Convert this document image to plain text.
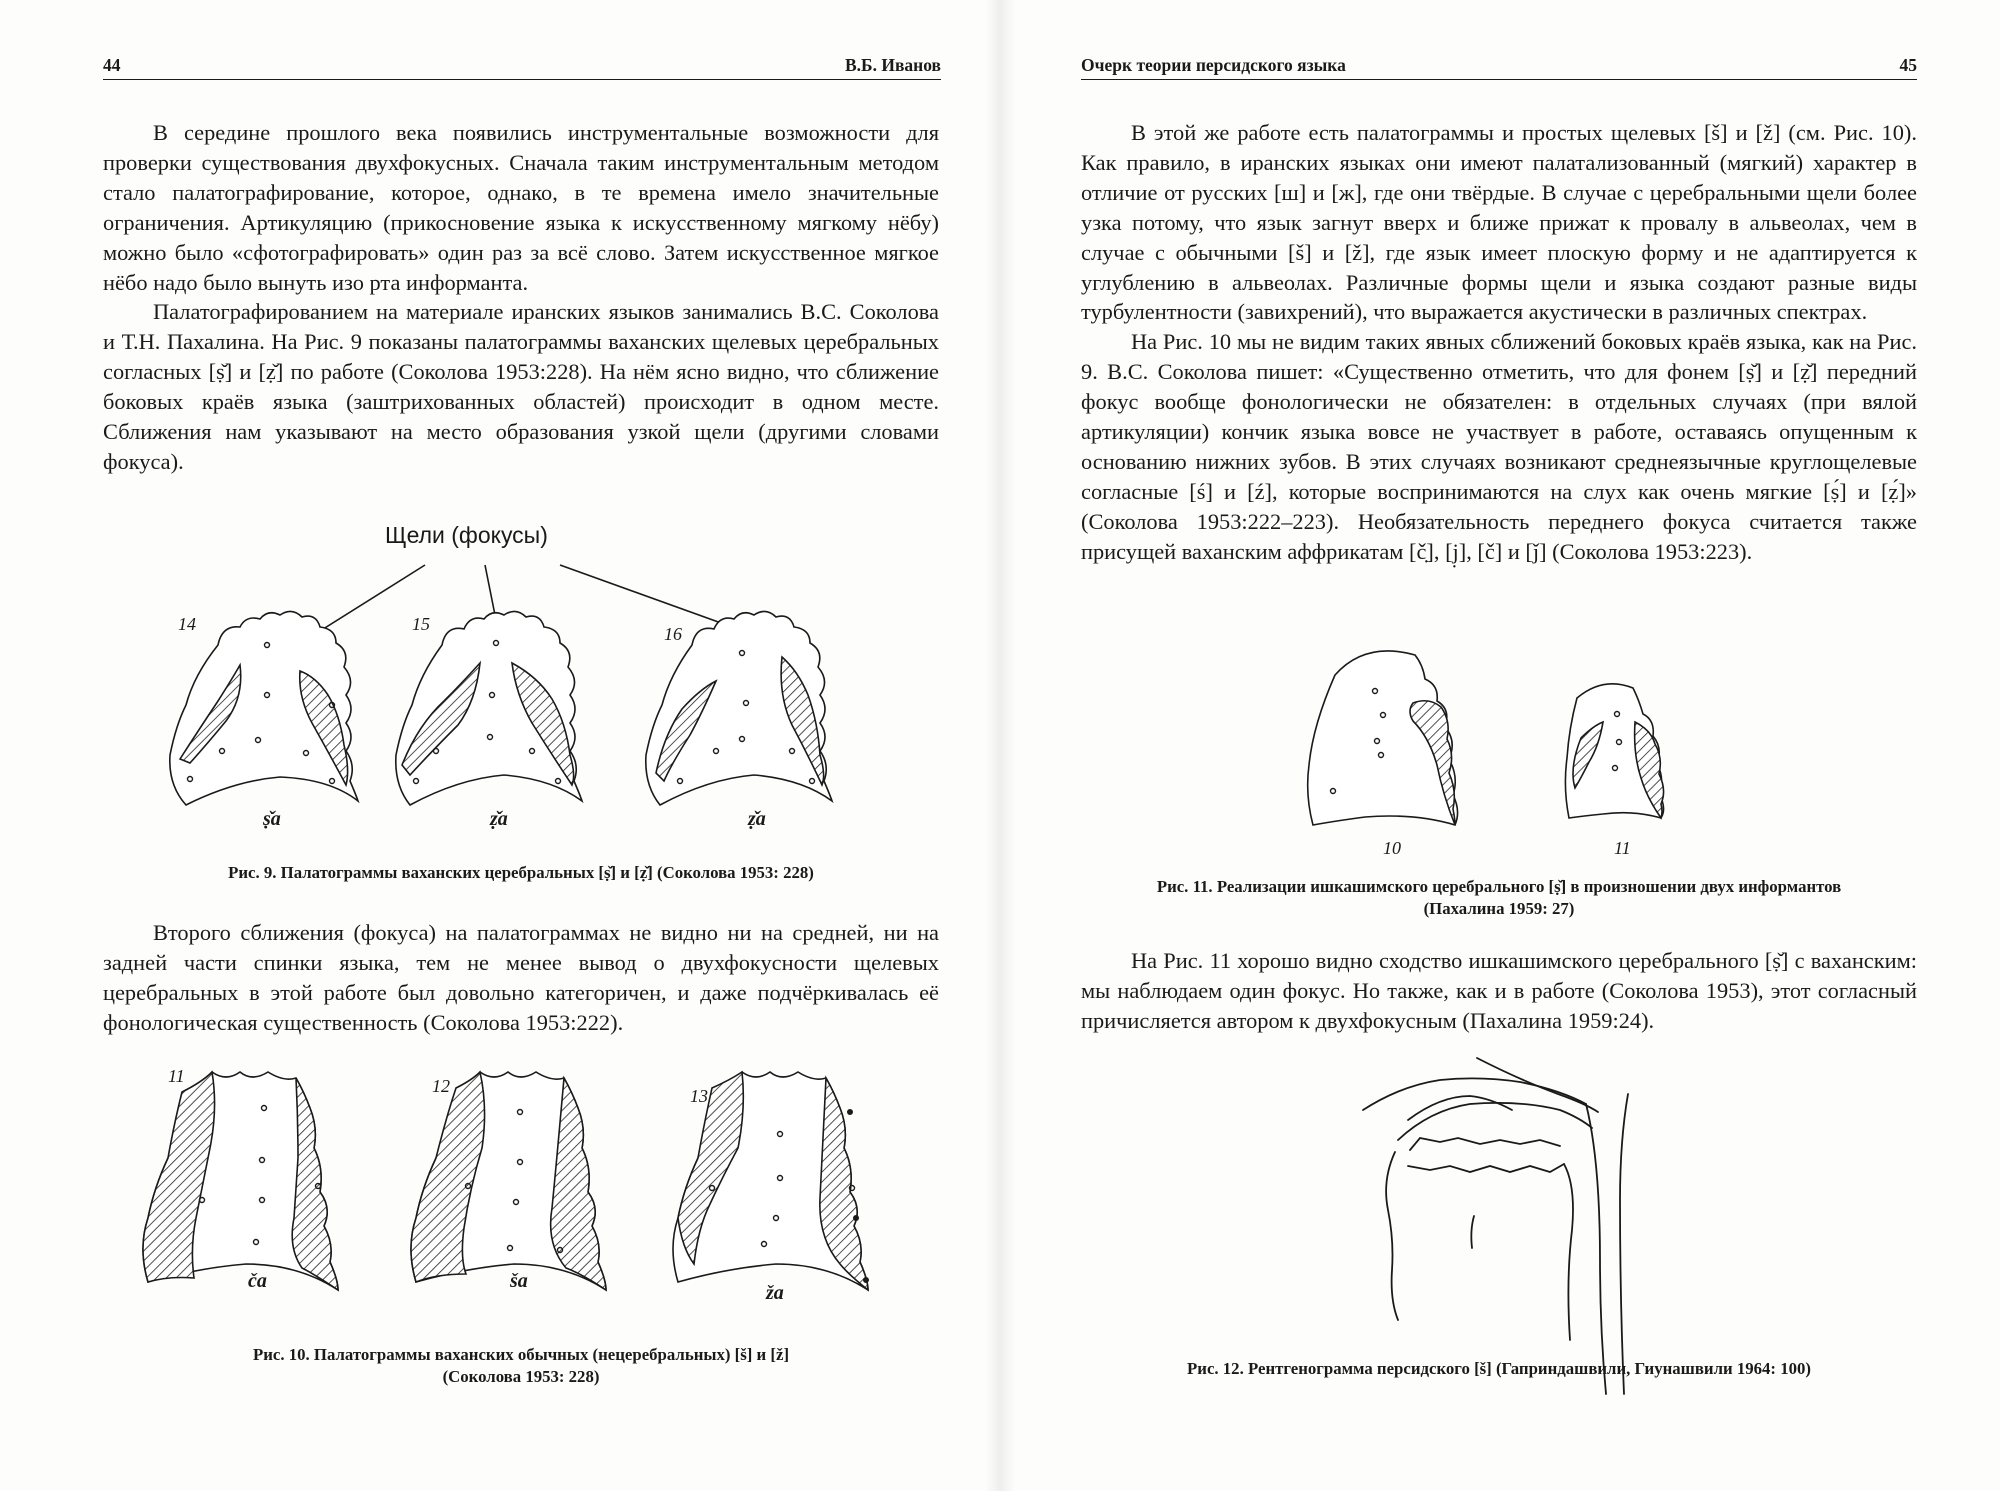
44	В.Б. Иванов

В середине прошлого века появились инструментальные возможности для проверки существования двухфокусных. Сначала таким инструментальным методом стало палатографирование, которое, однако, в те времена имело значительные ограничения. Артикуляцию (прикосновение языка к искусственному мягкому нёбу) можно было «сфотографировать» один раз за всё слово. Затем искусственное мягкое нёбо надо было вынуть изо рта информанта.

Палатографированием на материале иранских языков занимались В.С. Соколова и Т.Н. Пахалина. На Рис. 9 показаны палатограммы ваханских щелевых церебральных согласных [ṣ̌] и [ẓ̌] по работе (Соколова 1953:228). На нём ясно видно, что сближение боковых краёв языка (заштрихованных областей) происходит в одном месте. Сближения нам указывают на место образования узкой щели (другими словами фокуса).

Щели (фокусы)
14	15	16
ṣ̌a	ẓ̌a	ẓ̌a
Рис. 9. Палатограммы ваханских церебральных [ṣ̌] и [ẓ̌] (Соколова 1953: 228)

Второго сближения (фокуса) на палатограммах не видно ни на средней, ни на задней части спинки языка, тем не менее вывод о двухфокусности щелевых церебральных в этой работе был довольно категоричен, и даже подчёркивалась её фонологическая существенность (Соколова 1953:222).

11	12	13
ča	ša
ža
Рис. 10. Палатограммы ваханских обычных (нецеребральных) [š] и [ž]
(Соколова 1953: 228)
Очерк теории персидского языка	45

В этой же работе есть палатограммы и простых щелевых [š] и [ž] (см. Рис. 10). Как правило, в иранских языках они имеют палатализованный (мягкий) характер в отличие от русских [ш] и [ж], где они твёрдые. В случае с церебральными щели более узка потому, что язык загнут вверх и ближе прижат к провалу в альвеолах, чем в случае с обычными [š] и [ž], где язык имеет плоскую форму и не адаптируется к углублению в альвеолах. Различные формы щели и языка создают разные виды турбулентности (завихрений), что выражается акустически в различных спектрах.

На Рис. 10 мы не видим таких явных сближений боковых краёв языка, как на Рис. 9. В.С. Соколова пишет: «Существенно отметить, что для фонем [ṣ̌] и [ẓ̌] передний фокус вообще фонологически не обязателен: в отдельных случаях (при вялой артикуляции) кончик языка вовсе не участвует в работе, оставаясь опущенным к основанию нижних зубов. В этих случаях возникают среднеязычные круглощелевые согласные [ś] и [ź], которые воспринимаются на слух как очень мягкие [ṣ́] и [ẓ́]» (Соколова 1953:222–223). Необязательность переднего фокуса считается также присущей ваханским аффрикатам [č̣], [j̣], [č] и [ǰ] (Соколова 1953:223).

10	11
Рис. 11. Реализации ишкашимского церебрального [ṣ̌] в произношении двух информантов
(Пахалина 1959: 27)

На Рис. 11 хорошо видно сходство ишкашимского церебрального [ṣ̌] с ваханским: мы наблюдаем один фокус. Но также, как и в работе (Соколова 1953), этот согласный причисляется автором к двухфокусным (Пахалина 1959:24).

Рис. 12. Рентгенограмма персидского [š] (Гаприндашвили, Гиунашвили 1964: 100)
